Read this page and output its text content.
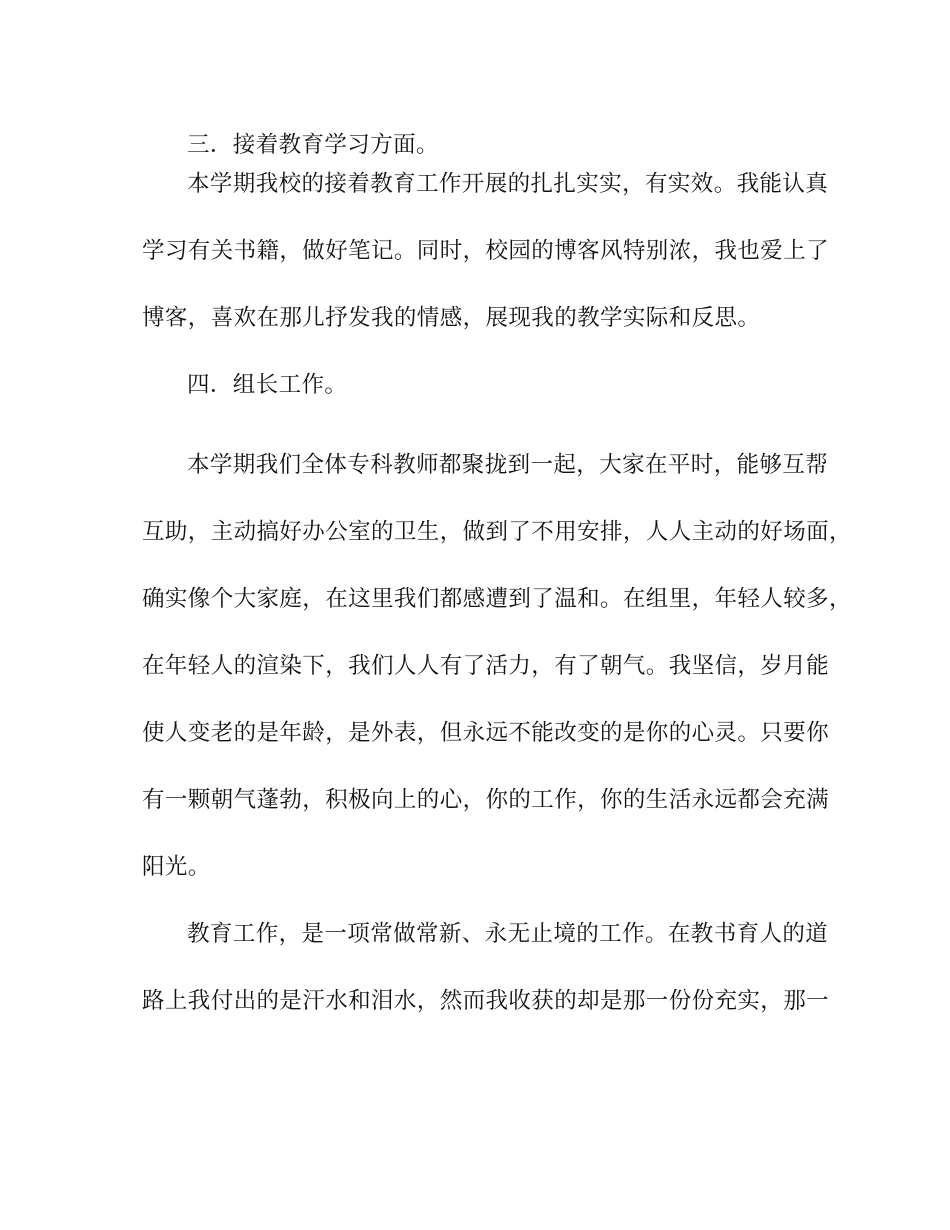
三．接着教育学习方面。

本学期我校的接着教育工作开展的扎扎实实，有实效。我能认真

学习有关书籍，做好笔记。同时，校园的博客风特别浓，我也爱上了

博客，喜欢在那儿抒发我的情感，展现我的教学实际和反思。

四．组长工作。

本学期我们全体专科教师都聚拢到一起，大家在平时，能够互帮

互助，主动搞好办公室的卫生，做到了不用安排，人人主动的好场面，

确实像个大家庭，在这里我们都感遭到了温和。在组里，年轻人较多，

在年轻人的渲染下，我们人人有了活力，有了朝气。我坚信，岁月能

使人变老的是年龄，是外表，但永远不能改变的是你的心灵。只要你

有一颗朝气蓬勃，积极向上的心，你的工作，你的生活永远都会充满

阳光。

教育工作，是一项常做常新、永无止境的工作。在教书育人的道

路上我付出的是汗水和泪水，然而我收获的却是那一份份充实，那一
